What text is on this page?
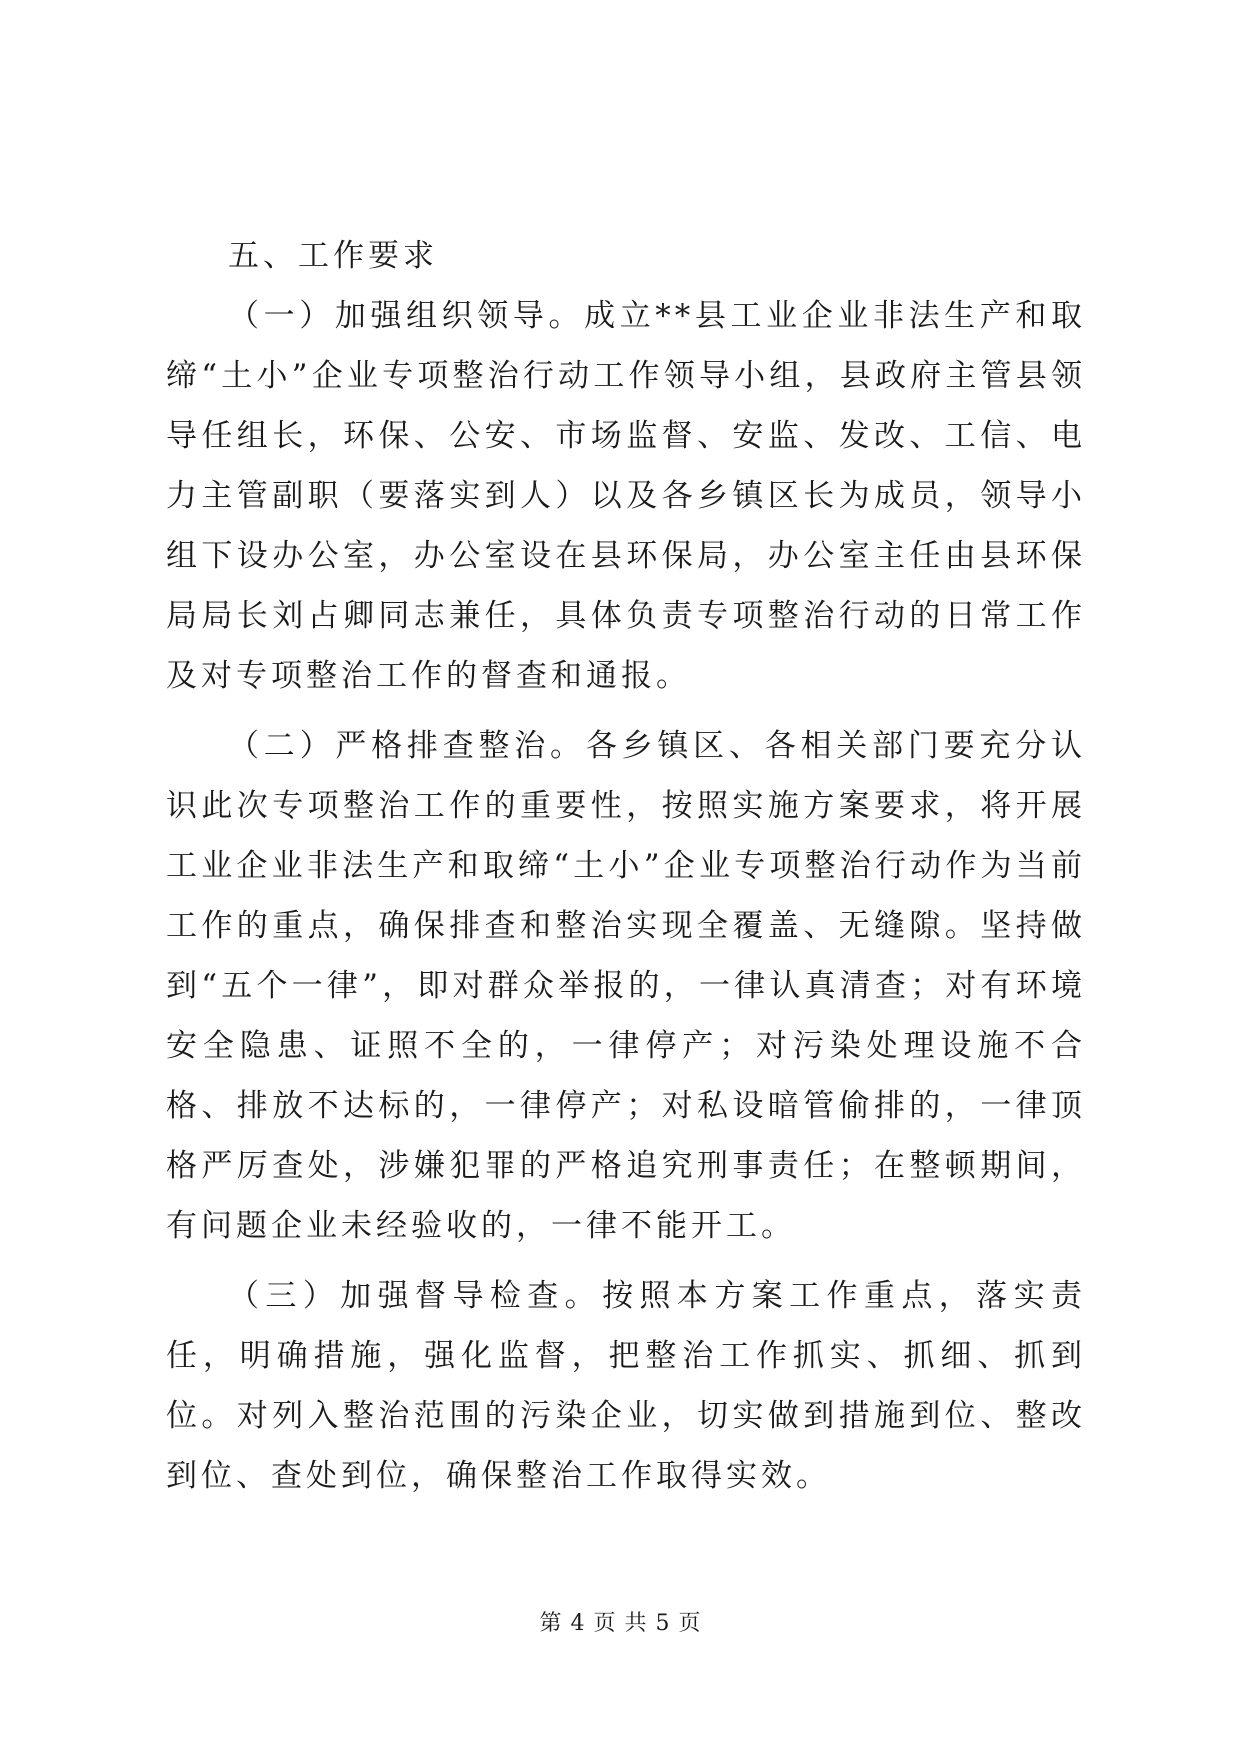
五、工作要求

（一）加强组织领导。成立**县工业企业非法生产和取缔“土小”企业专项整治行动工作领导小组，县政府主管县领导任组长，环保、公安、市场监督、安监、发改、工信、电力主管副职（要落实到人）以及各乡镇区长为成员，领导小组下设办公室，办公室设在县环保局，办公室主任由县环保局局长刘占卿同志兼任，具体负责专项整治行动的日常工作及对专项整治工作的督查和通报。

（二）严格排查整治。各乡镇区、各相关部门要充分认识此次专项整治工作的重要性，按照实施方案要求，将开展工业企业非法生产和取缔“土小”企业专项整治行动作为当前工作的重点，确保排查和整治实现全覆盖、无缝隙。坚持做到“五个一律”，即对群众举报的，一律认真清查；对有环境安全隐患、证照不全的，一律停产；对污染处理设施不合格、排放不达标的，一律停产；对私设暗管偷排的，一律顶格严厉查处，涉嫌犯罪的严格追究刑事责任；在整顿期间，有问题企业未经验收的，一律不能开工。

（三）加强督导检查。按照本方案工作重点，落实责任，明确措施，强化监督，把整治工作抓实、抓细、抓到位。对列入整治范围的污染企业，切实做到措施到位、整改到位、查处到位，确保整治工作取得实效。

第 4 页 共 5 页
